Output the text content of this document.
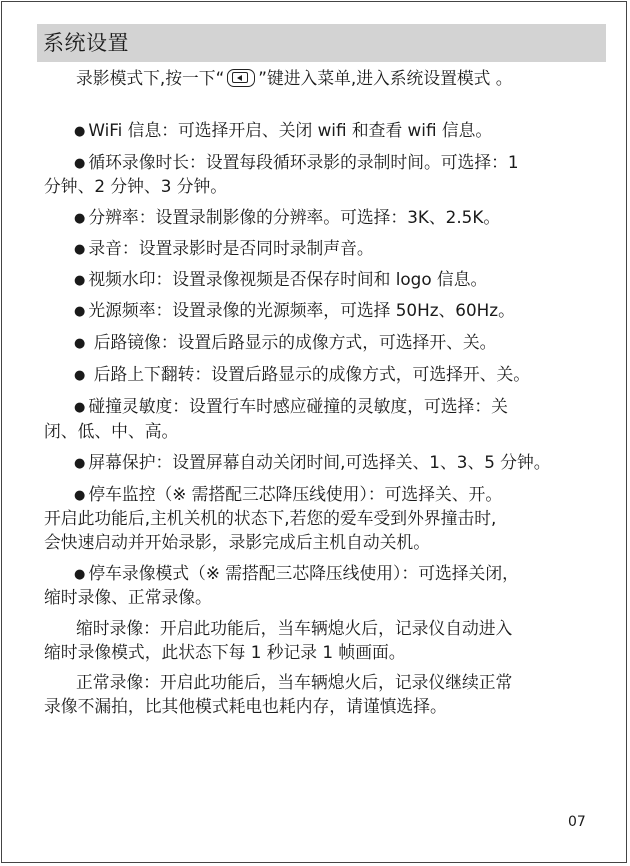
系统设置
录影模式下,按一下“ ”键进入菜单,进入系统设置模式 。
● WiFi 信息：可选择开启、关闭 wifi 和查看 wifi 信息。
● 循环录像时长：设置每段循环录影的录制时间。可选择：1
分钟、2 分钟、3 分钟。
● 分辨率：设置录制影像的分辨率。可选择：3K、2.5K。
● 录音：设置录影时是否同时录制声音。
● 视频水印：设置录像视频是否保存时间和 logo 信息。
● 光源频率：设置录像的光源频率，可选择 50Hz、60Hz。
● 后路镜像：设置后路显示的成像方式，可选择开、关。
● 后路上下翻转：设置后路显示的成像方式，可选择开、关。
● 碰撞灵敏度：设置行车时感应碰撞的灵敏度，可选择：关
闭、低、中、高。
● 屏幕保护：设置屏幕自动关闭时间,可选择关、1、3、5 分钟。
● 停车监控（※ 需搭配三芯降压线使用）：可选择关、开。
开启此功能后,主机关机的状态下,若您的爱车受到外界撞击时,
会快速启动并开始录影，录影完成后主机自动关机。
● 停车录像模式（※ 需搭配三芯降压线使用）：可选择关闭，
缩时录像、正常录像。
缩时录像：开启此功能后，当车辆熄火后，记录仪自动进入
缩时录像模式，此状态下每 1 秒记录 1 帧画面。
正常录像：开启此功能后，当车辆熄火后，记录仪继续正常
录像不漏拍，比其他模式耗电也耗内存，请谨慎选择。
07
